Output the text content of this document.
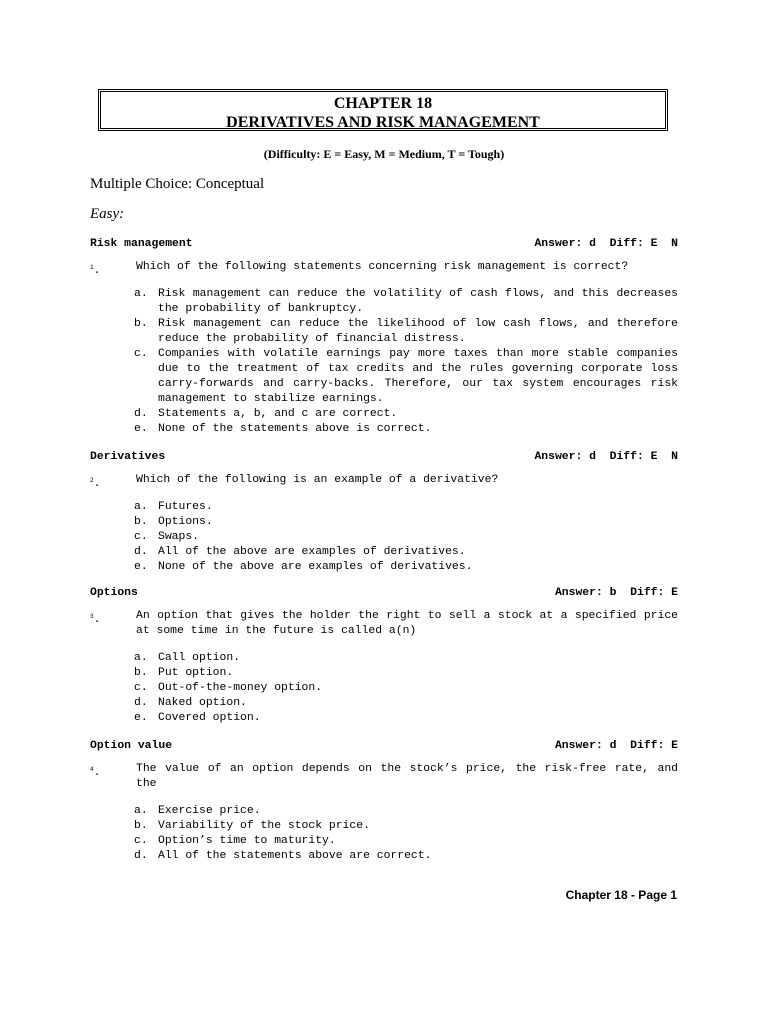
CHAPTER 18
DERIVATIVES AND RISK MANAGEMENT
(Difficulty: E = Easy, M = Medium, T = Tough)
Multiple Choice: Conceptual
Easy:
Risk management	Answer: d  Diff: E  N
$^1$.	Which of the following statements concerning risk management is correct?
a. Risk management can reduce the volatility of cash flows, and this decreases the probability of bankruptcy.
b. Risk management can reduce the likelihood of low cash flows, and therefore reduce the probability of financial distress.
c. Companies with volatile earnings pay more taxes than more stable companies due to the treatment of tax credits and the rules governing corporate loss carry-forwards and carry-backs. Therefore, our tax system encourages risk management to stabilize earnings.
d. Statements a, b, and c are correct.
e. None of the statements above is correct.
Derivatives	Answer: d  Diff: E  N
$^2$.	Which of the following is an example of a derivative?
a. Futures.
b. Options.
c. Swaps.
d. All of the above are examples of derivatives.
e. None of the above are examples of derivatives.
Options	Answer: b  Diff: E
$^3$.	An option that gives the holder the right to sell a stock at a specified price at some time in the future is called a(n)
a. Call option.
b. Put option.
c. Out-of-the-money option.
d. Naked option.
e. Covered option.
Option value	Answer: d  Diff: E
$^4$.	The value of an option depends on the stock’s price, the risk-free rate, and the
a. Exercise price.
b. Variability of the stock price.
c. Option’s time to maturity.
d. All of the statements above are correct.
Chapter 18 - Page 1
